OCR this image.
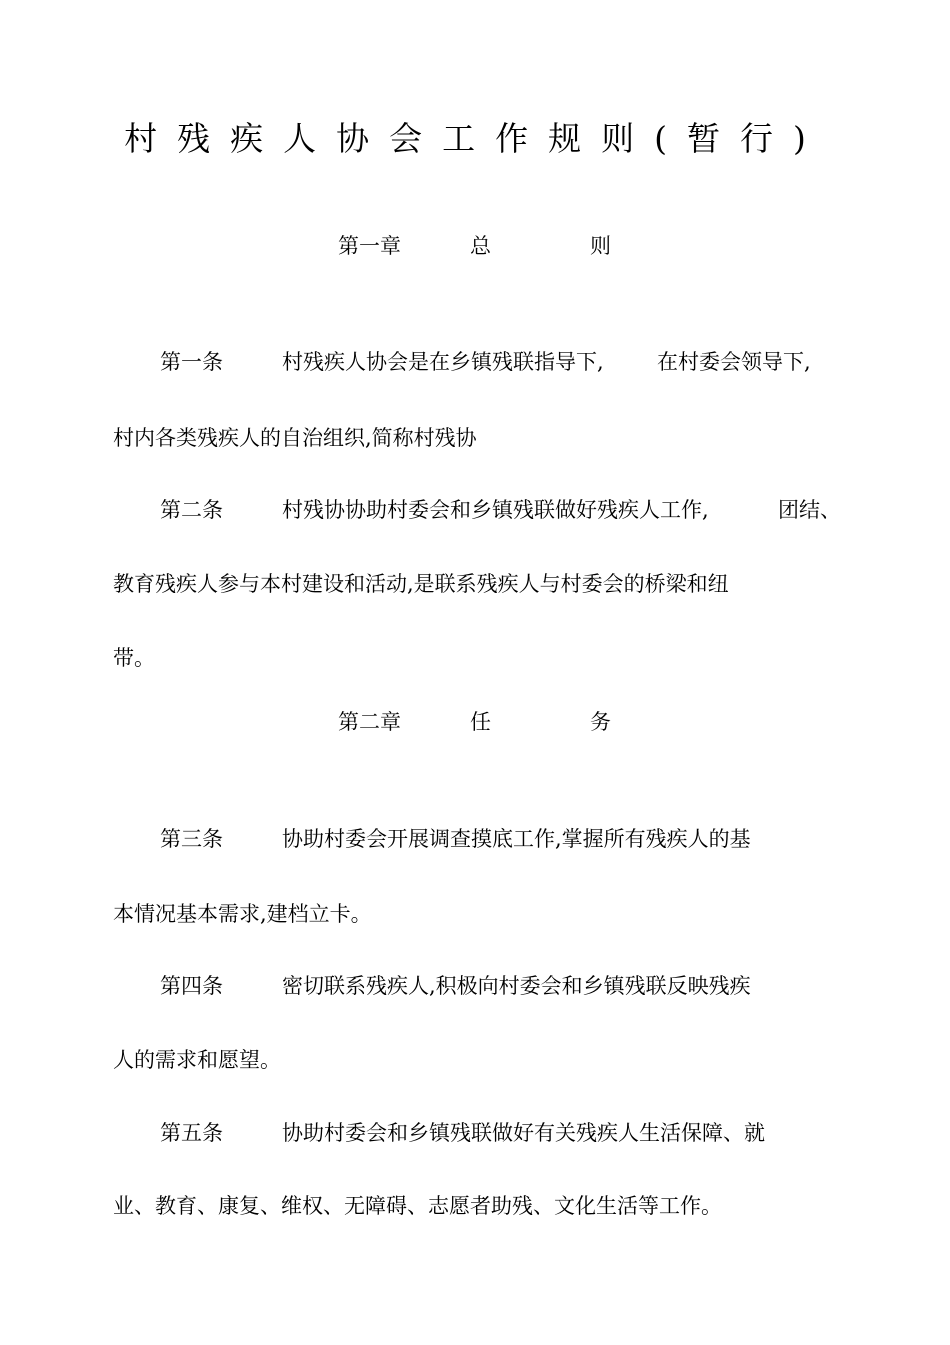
村残疾人协会工作规则(暂行)
第一章	总	则
第一条	村残疾人协会是在乡镇残联指导下,	在村委会领导下,
村内各类残疾人的自治组织,简称村残协
第二条	村残协协助村委会和乡镇残联做好残疾人工作,	团结、
教育残疾人参与本村建设和活动,是联系残疾人与村委会的桥梁和纽
带。
第二章	任	务
第三条	协助村委会开展调查摸底工作,掌握所有残疾人的基
本情况基本需求,建档立卡。
第四条	密切联系残疾人,积极向村委会和乡镇残联反映残疾
人的需求和愿望。
第五条	协助村委会和乡镇残联做好有关残疾人生活保障、就
业、教育、康复、维权、无障碍、志愿者助残、文化生活等工作。
